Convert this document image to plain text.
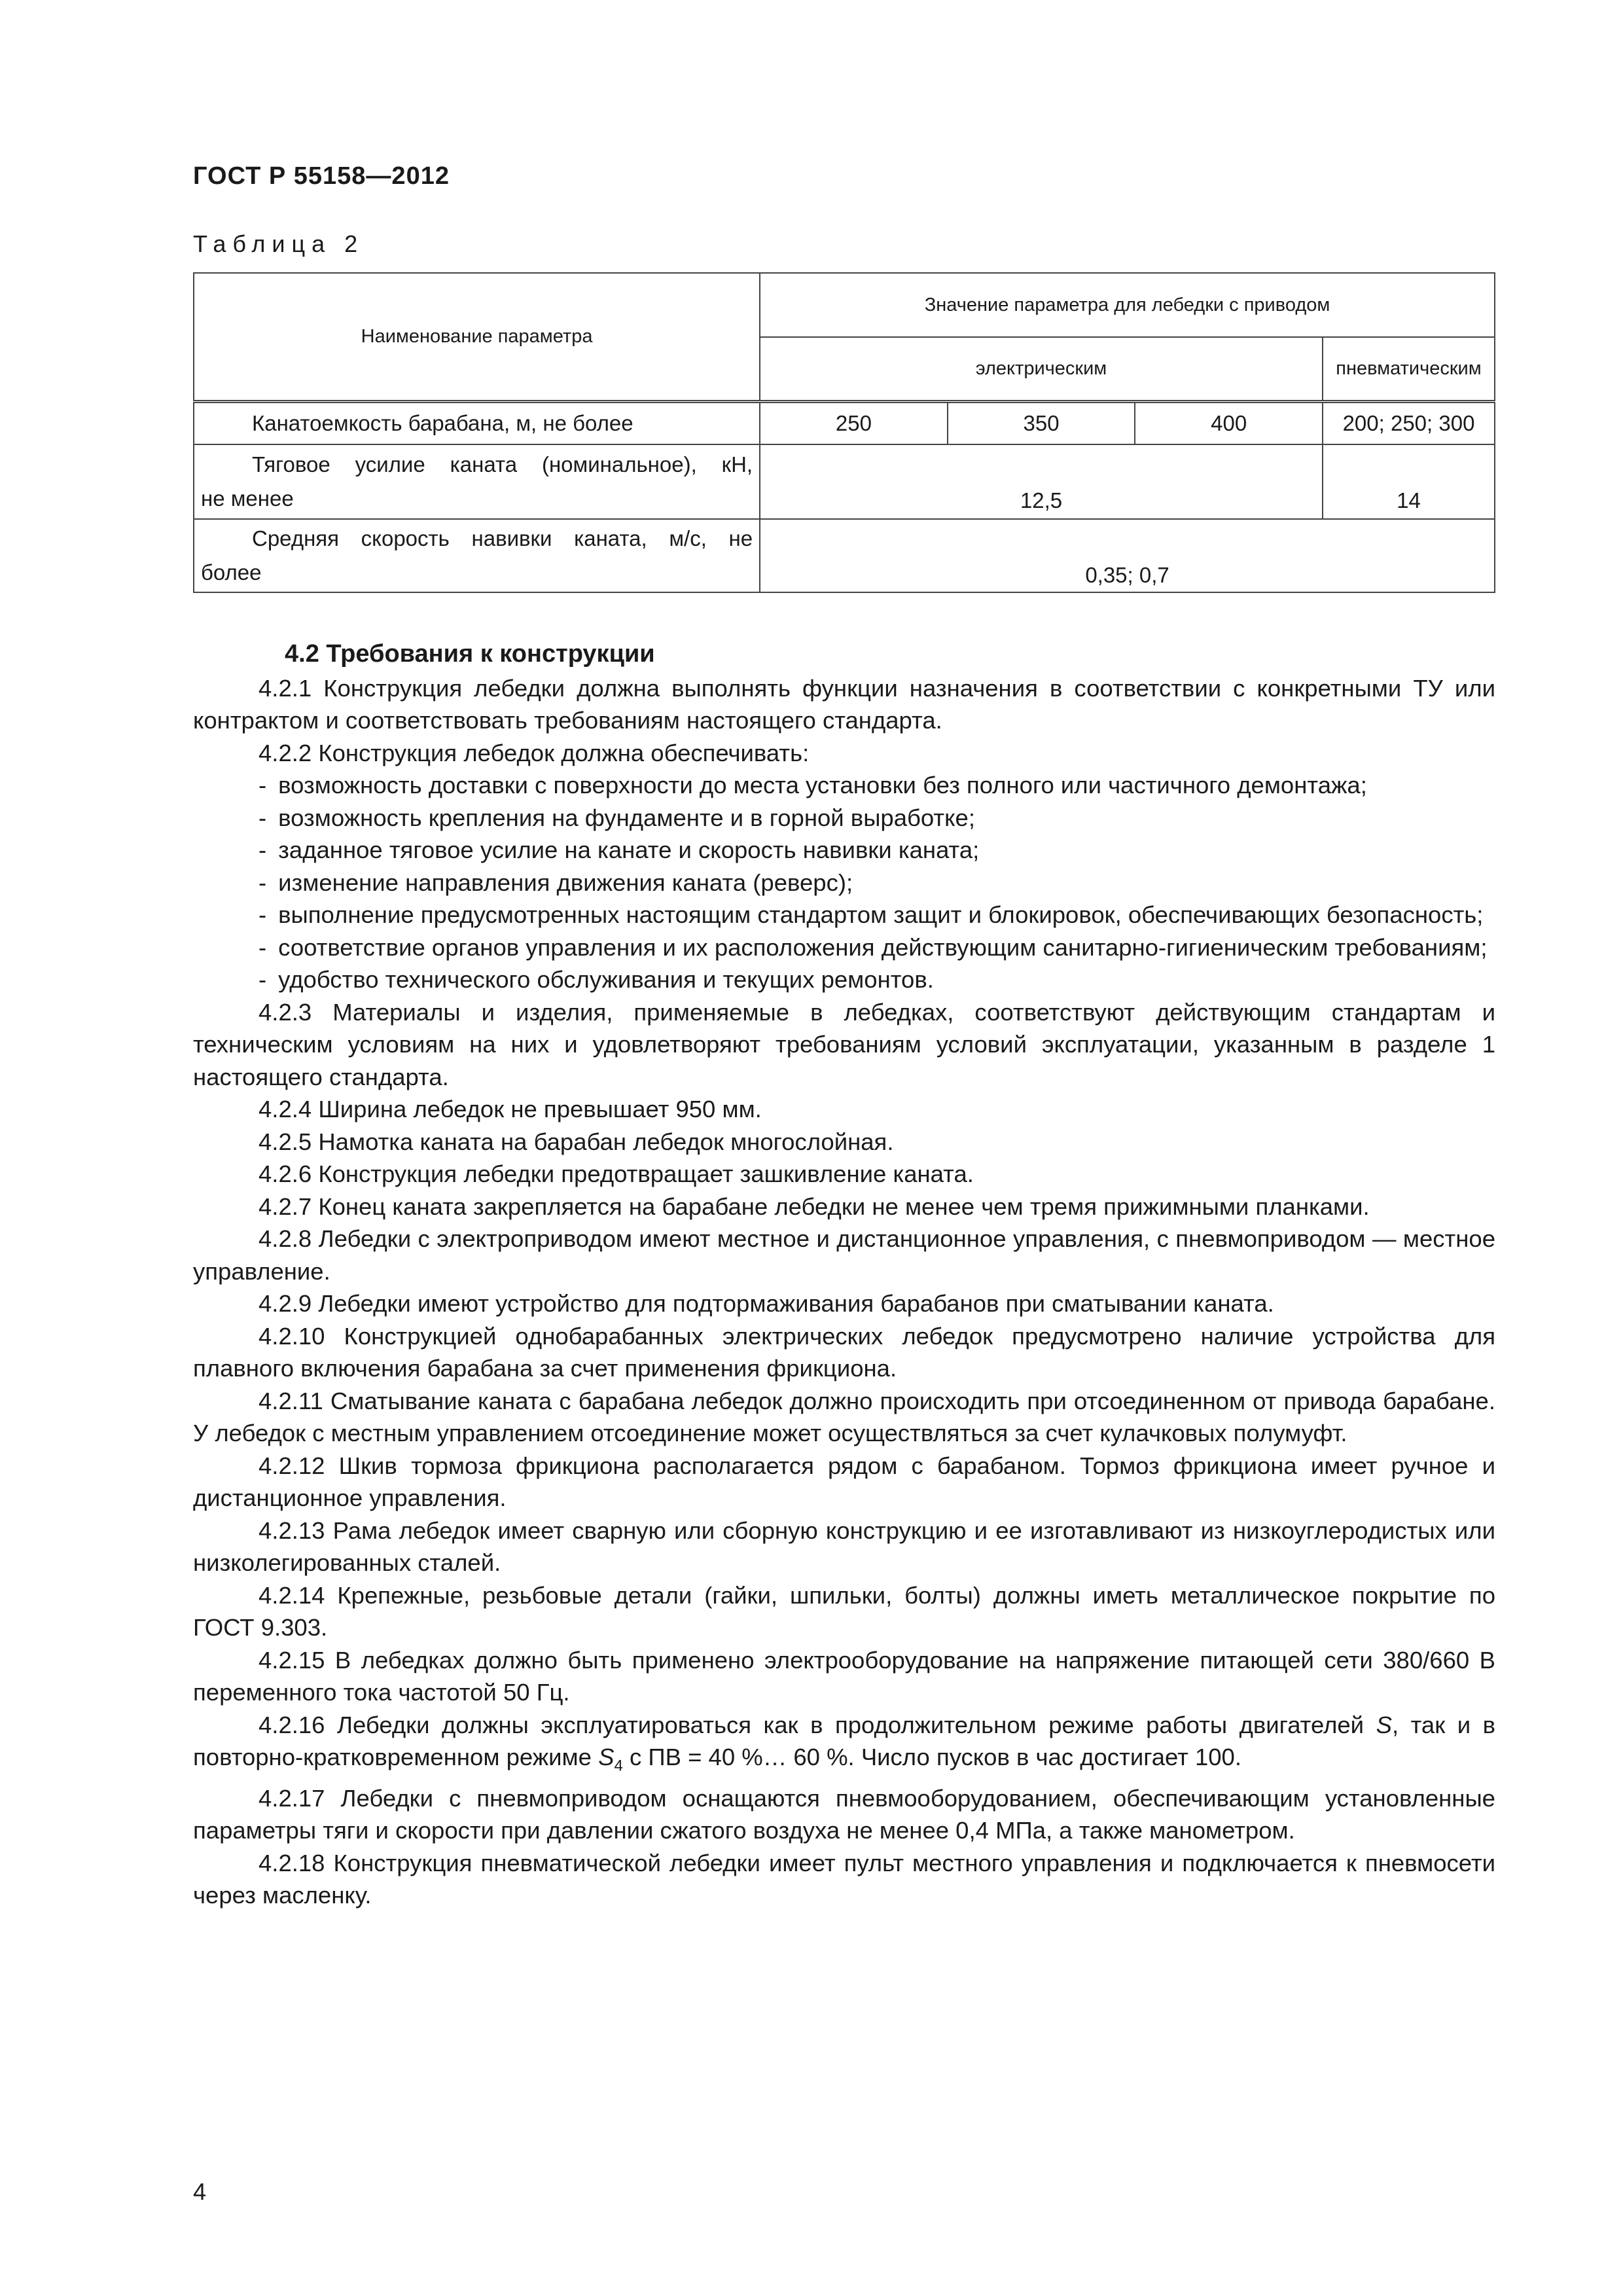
ГОСТ Р 55158—2012
Таблица 2
Наименование параметра	Значение параметра для лебедки с приводом			
	электрическим			пневматическим
Канатоемкость барабана, м, не более	250	350	400	200; 250; 300

Тяговое усилие каната (номинальное), кН,
не менее	12,5			14

Средняя скорость навивки каната, м/с, не
более	0,35; 0,7			
4.2 Требования к конструкции

4.2.1 Конструкция лебедки должна выполнять функции назначения в соответствии с конкретными ТУ или контрактом и соответствовать требованиям настоящего стандарта.

4.2.2 Конструкция лебедок должна обеспечивать:

- возможность доставки с поверхности до места установки без полного или частичного демонтажа;

- возможность крепления на фундаменте и в горной выработке;

- заданное тяговое усилие на канате и скорость навивки каната;

- изменение направления движения каната (реверс);

- выполнение предусмотренных настоящим стандартом защит и блокировок, обеспечивающих безопасность;

- соответствие органов управления и их расположения действующим санитарно-гигиеническим требованиям;

- удобство технического обслуживания и текущих ремонтов.

4.2.3 Материалы и изделия, применяемые в лебедках, соответствуют действующим стандартам и техническим условиям на них и удовлетворяют требованиям условий эксплуатации, указанным в разделе 1 настоящего стандарта.

4.2.4 Ширина лебедок не превышает 950 мм.

4.2.5 Намотка каната на барабан лебедок многослойная.

4.2.6 Конструкция лебедки предотвращает зашкивление каната.

4.2.7 Конец каната закрепляется на барабане лебедки не менее чем тремя прижимными планками.

4.2.8 Лебедки с электроприводом имеют местное и дистанционное управления, с пневмоприводом — местное управление.

4.2.9 Лебедки имеют устройство для подтормаживания барабанов при сматывании каната.

4.2.10 Конструкцией однобарабанных электрических лебедок предусмотрено наличие устройства для плавного включения барабана за счет применения фрикциона.

4.2.11 Сматывание каната с барабана лебедок должно происходить при отсоединенном от привода барабане. У лебедок с местным управлением отсоединение может осуществляться за счет кулачковых полумуфт.

4.2.12 Шкив тормоза фрикциона располагается рядом с барабаном. Тормоз фрикциона имеет ручное и дистанционное управления.

4.2.13 Рама лебедок имеет сварную или сборную конструкцию и ее изготавливают из низкоуглеродистых или низколегированных сталей.

4.2.14 Крепежные, резьбовые детали (гайки, шпильки, болты) должны иметь металлическое покрытие по ГОСТ 9.303.

4.2.15 В лебедках должно быть применено электрооборудование на напряжение питающей сети 380/660 В переменного тока частотой 50 Гц.

4.2.16 Лебедки должны эксплуатироваться как в продолжительном режиме работы двигателей S, так и в повторно-кратковременном режиме $S_4$ с ПВ = 40 %… 60 %. Число пусков в час достигает 100.

4.2.17 Лебедки с пневмоприводом оснащаются пневмооборудованием, обеспечивающим установленные параметры тяги и скорости при давлении сжатого воздуха не менее 0,4 МПа, а также манометром.

4.2.18 Конструкция пневматической лебедки имеет пульт местного управления и подключается к пневмосети через масленку.

4
